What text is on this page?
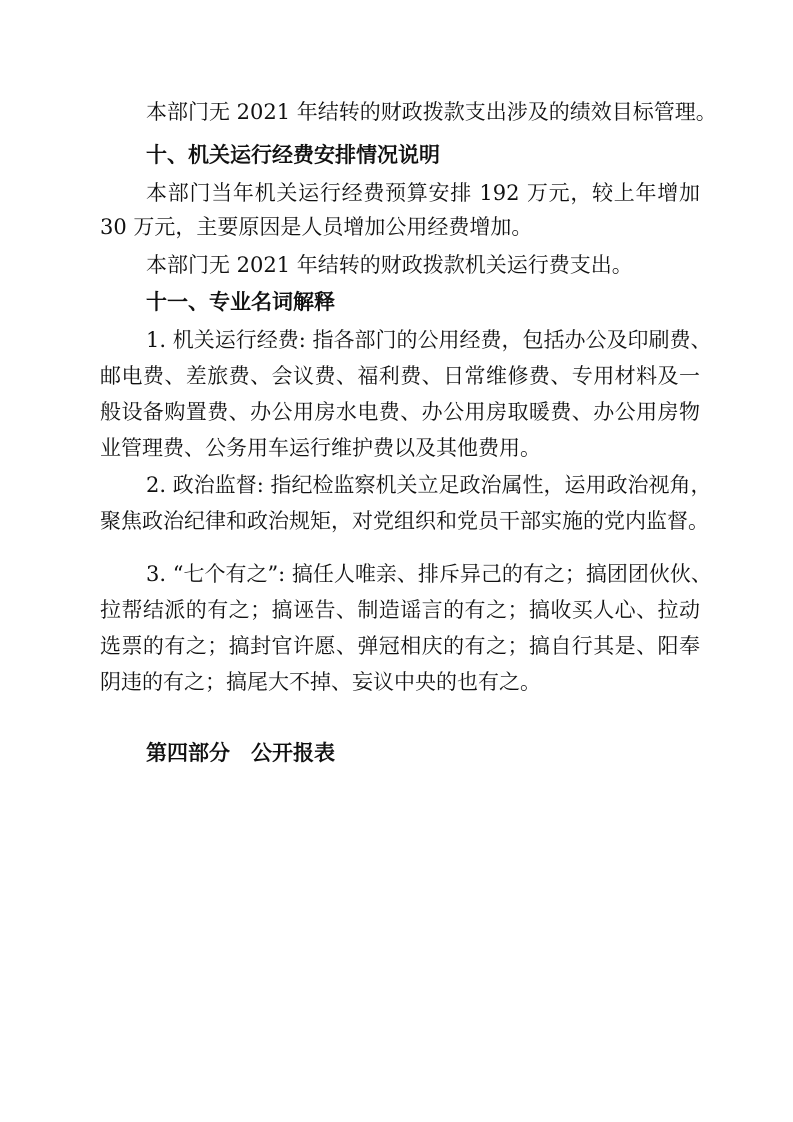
本部门无 2021 年结转的财政拨款支出涉及的绩效目标管理。
十、机关运行经费安排情况说明
本部门当年机关运行经费预算安排 192 万元，较上年增加
30 万元，主要原因是人员增加公用经费增加。
本部门无 2021 年结转的财政拨款机关运行费支出。
十一、专业名词解释
1. 机关运行经费: 指各部门的公用经费，包括办公及印刷费、
邮电费、差旅费、会议费、福利费、日常维修费、专用材料及一
般设备购置费、办公用房水电费、办公用房取暖费、办公用房物
业管理费、公务用车运行维护费以及其他费用。
2. 政治监督: 指纪检监察机关立足政治属性，运用政治视角，
聚焦政治纪律和政治规矩，对党组织和党员干部实施的党内监督。
3. “七个有之”: 搞任人唯亲、排斥异己的有之；搞团团伙伙、
拉帮结派的有之；搞诬告、制造谣言的有之；搞收买人心、拉动
选票的有之；搞封官许愿、弹冠相庆的有之；搞自行其是、阳奉
阴违的有之；搞尾大不掉、妄议中央的也有之。
第四部分　公开报表
